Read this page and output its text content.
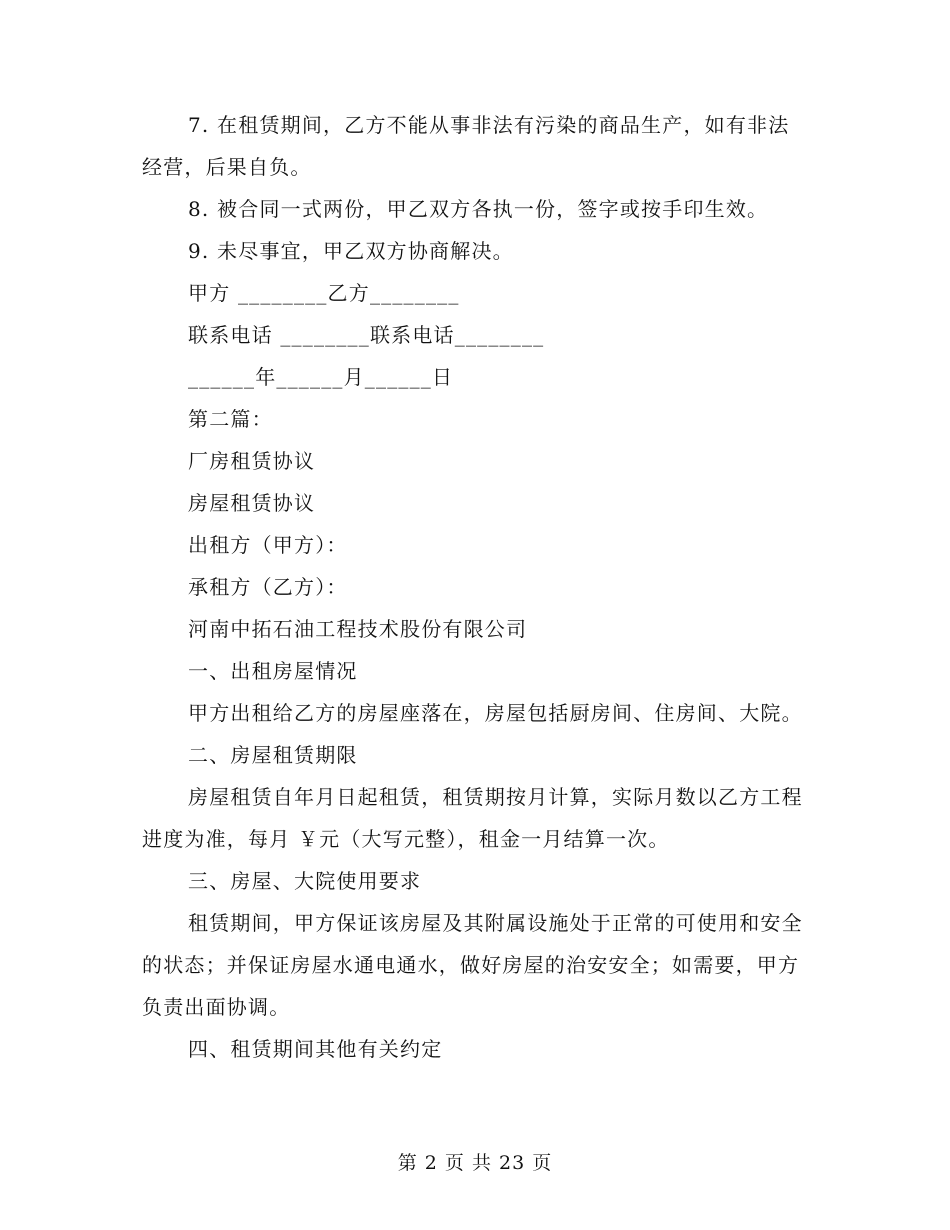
7. 在租赁期间，乙方不能从事非法有污染的商品生产，如有非法经营，后果自负。

8. 被合同一式两份，甲乙双方各执一份，签字或按手印生效。

9. 未尽事宜，甲乙双方协商解决。

甲方 ________乙方________

联系电话 ________联系电话________

______年______月______日

第二篇：

厂房租赁协议

房屋租赁协议

出租方（甲方）：

承租方（乙方）：

河南中拓石油工程技术股份有限公司

一、出租房屋情况

甲方出租给乙方的房屋座落在，房屋包括厨房间、住房间、大院。

二、房屋租赁期限

房屋租赁自年月日起租赁，租赁期按月计算，实际月数以乙方工程进度为准，每月 ￥元（大写元整），租金一月结算一次。

三、房屋、大院使用要求

租赁期间，甲方保证该房屋及其附属设施处于正常的可使用和安全的状态；并保证房屋水通电通水，做好房屋的治安安全；如需要，甲方负责出面协调。

四、租赁期间其他有关约定

第 2 页 共 23 页
